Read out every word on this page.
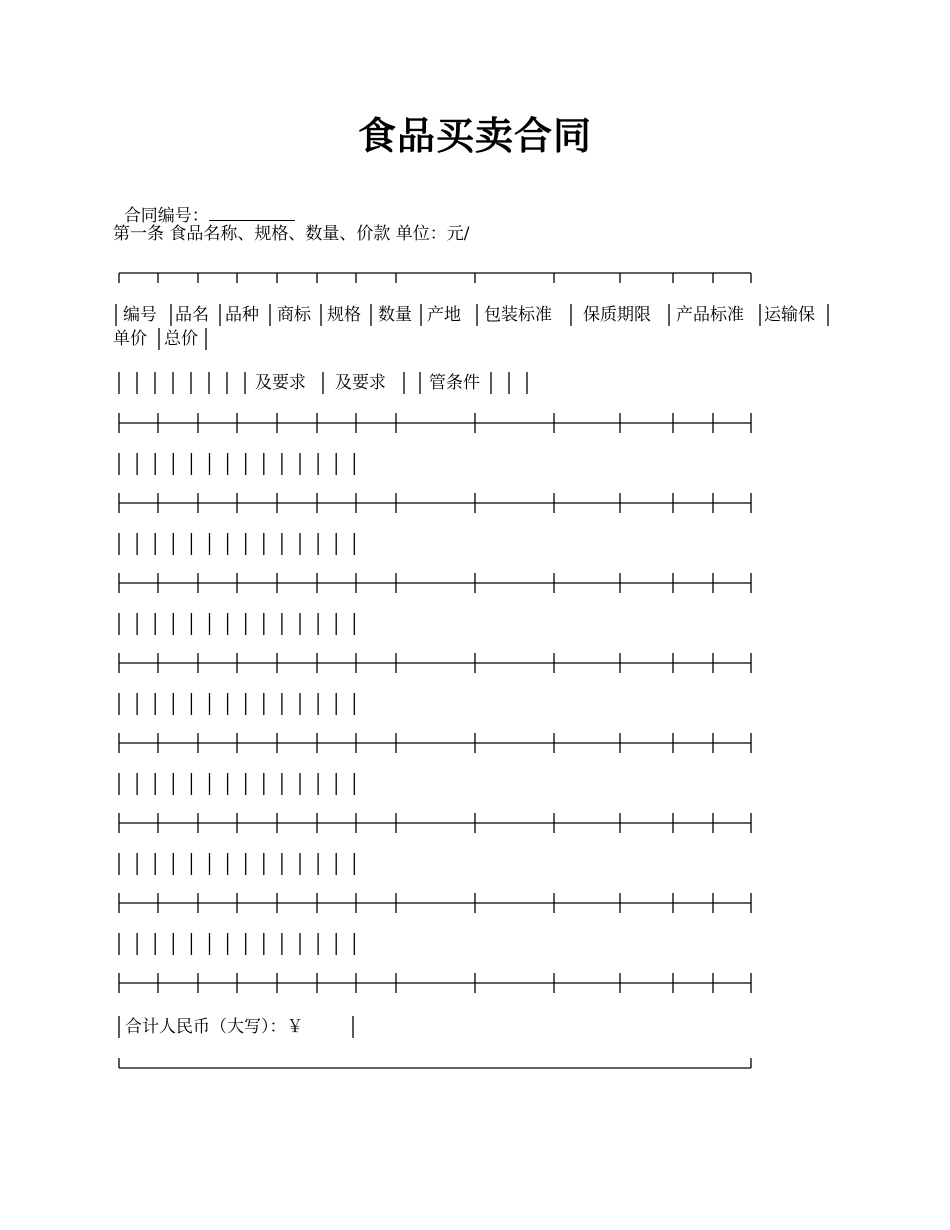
食品买卖合同

合同编号：

第一条 食品名称、规格、数量、价款 单位：元/
编号 品名 品种 商标 规格 数量 产地 包装标准 保质期限 产品标准 运输保
单价 总价
及要求 及要求	管条件
合计人民币（大写）：￥
